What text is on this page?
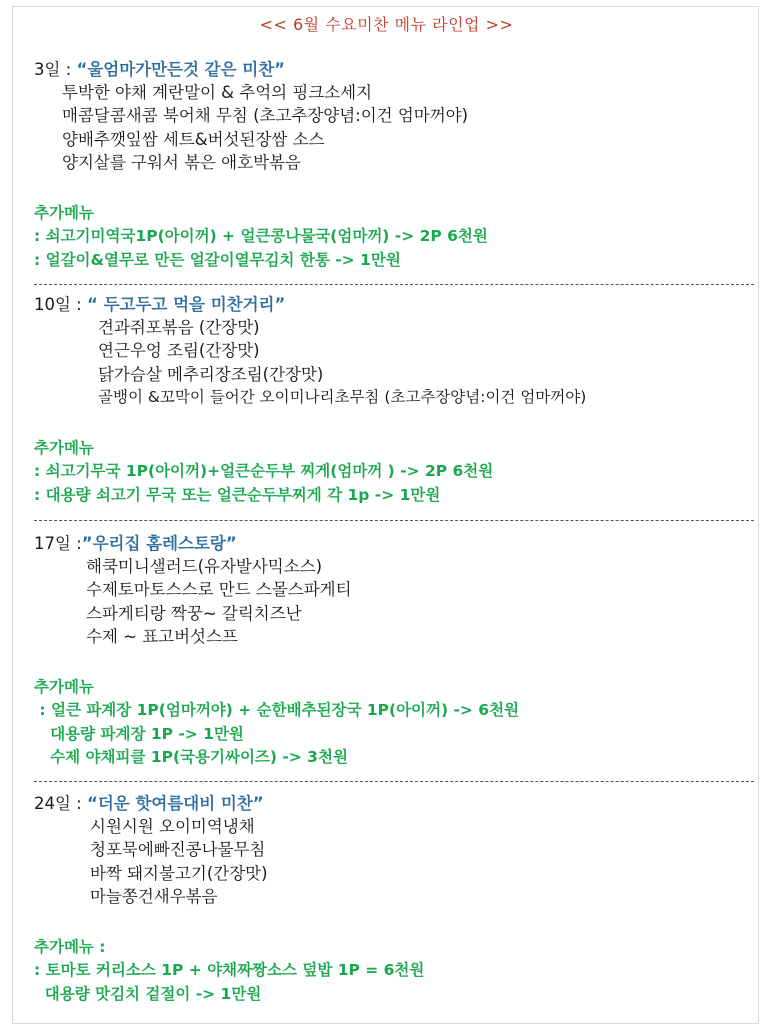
<< 6월 수요미찬 메뉴 라인업 >>
3일 : “울엄마가만든것 같은 미찬”
투박한 야채 계란말이 & 추억의 핑크소세지
매콤달콤새콤 북어채 무침 (초고추장양념:이건 엄마꺼야)
양배추깻잎쌈 세트&버섯된장쌈 소스
양지살를 구워서 볶은 애호박볶음
추가메뉴
: 쇠고기미역국1P(아이꺼) + 얼큰콩나물국(엄마꺼) -> 2P 6천원
: 얼갈이&열무로 만든 얼갈이열무김치 한통 -> 1만원
10일 : “ 두고두고 먹을 미찬거리”
견과쥐포볶음 (간장맛)
연근우엉 조림(간장맛)
닭가슴살 메추리장조림(간장맛)
골뱅이 &꼬막이 들어간 오이미나리초무침 (초고추장양념:이건 엄마꺼야)
추가메뉴
: 쇠고기무국 1P(아이꺼)+얼큰순두부 찌게(엄마꺼 ) -> 2P 6천원
: 대용량 쇠고기 무국 또는 얼큰순두부찌게 각 1p -> 1만원
17일 :”우리집 홈레스토랑”
해쿡미니샐러드(유자발사믹소스)
수제토마토스스로 만드 스몰스파게티
스파게티랑 짝꿍~ 갈릭치즈난
수제 ~ 표고버섯스프
추가메뉴
: 얼큰 파계장 1P(엄마꺼야) + 순한배추된장국 1P(아이꺼) -> 6천원
대용량 파계장 1P -> 1만원
수제 야채피클 1P(국용기싸이즈) -> 3천원
24일 : “더운 핫여름대비 미찬”
시원시원 오이미역냉채
청포묵에빠진콩나물무침
바짝 돼지불고기(간장맛)
마늘쫑건새우볶음
추가메뉴 :
: 토마토 커리소스 1P + 야채짜짱소스 덮밥 1P = 6천원
대용량 맛김치 겉절이 -> 1만원
